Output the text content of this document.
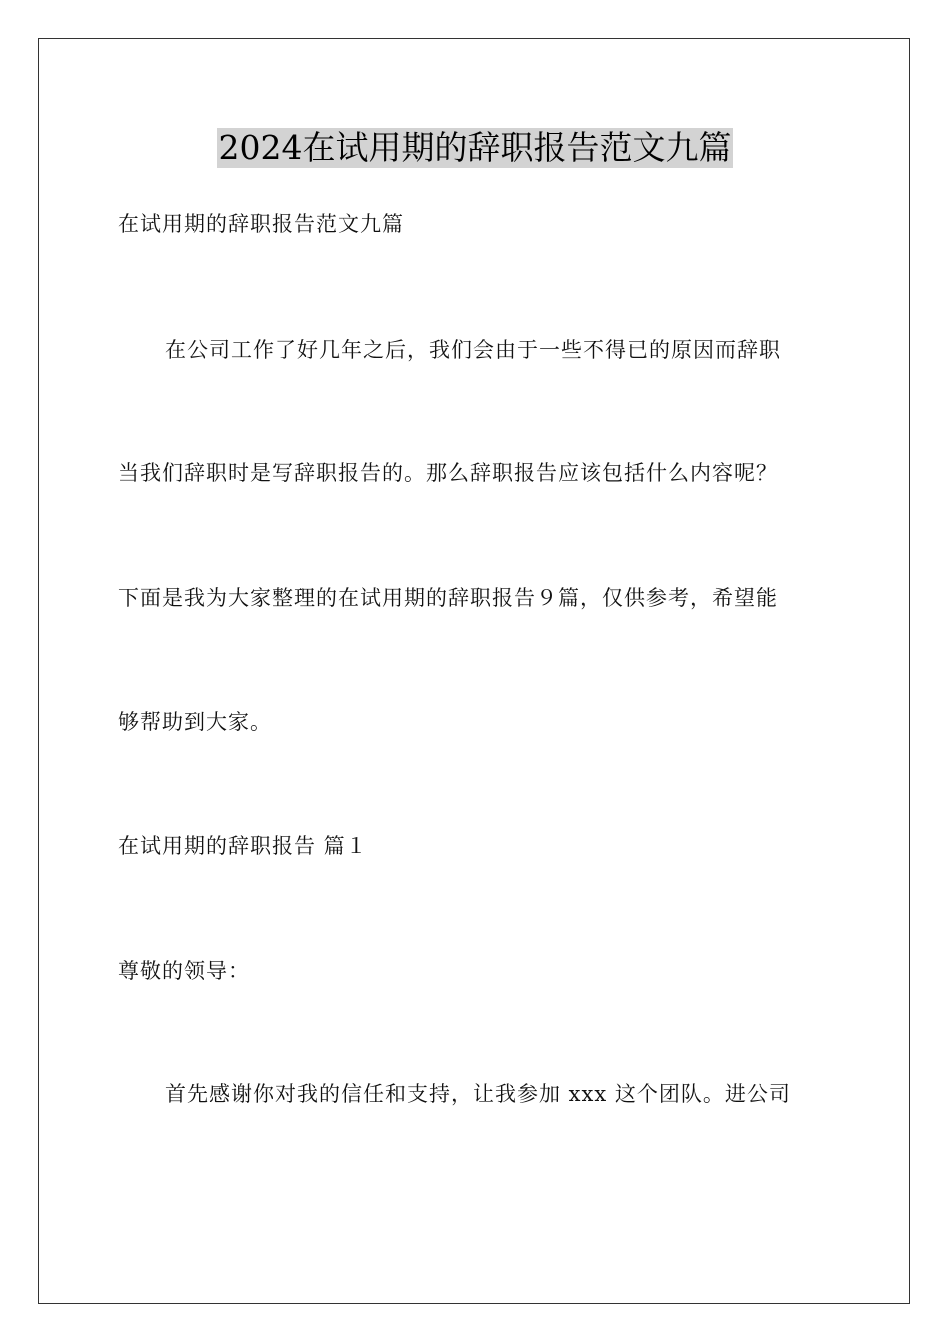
2024在试用期的辞职报告范文九篇
在试用期的辞职报告范文九篇
在公司工作了好几年之后，我们会由于一些不得已的原因而辞职
当我们辞职时是写辞职报告的。那么辞职报告应该包括什么内容呢？
下面是我为大家整理的在试用期的辞职报告９篇，仅供参考，希望能
够帮助到大家。
在试用期的辞职报告 篇１
尊敬的领导：
首先感谢你对我的信任和支持，让我参加 xxx 这个团队。进公司
